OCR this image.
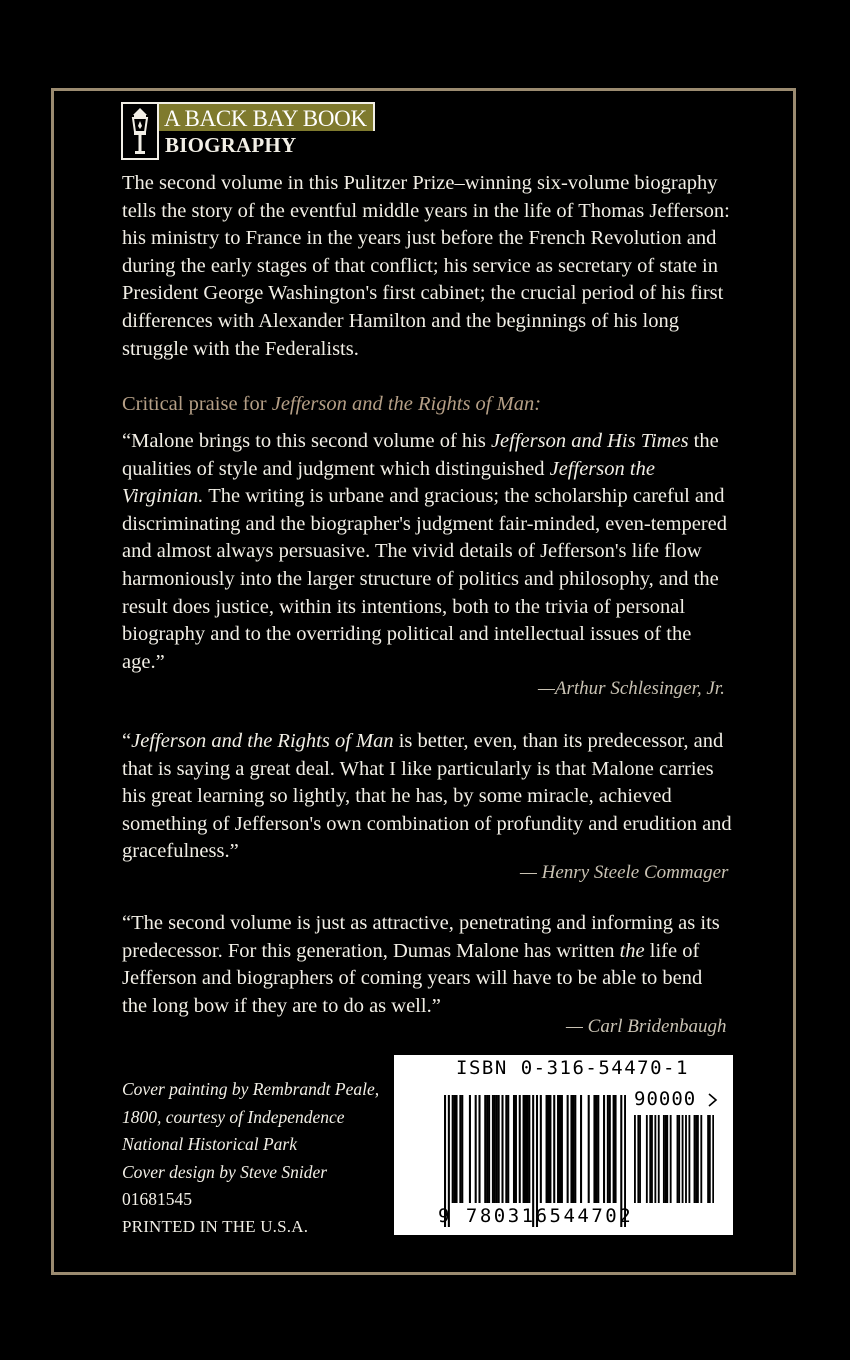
A BACK BAY BOOK
BIOGRAPHY

The second volume in this Pulitzer Prize–winning six-volume biography tells the story of the eventful middle years in the life of Thomas Jefferson: his ministry to France in the years just before the French Revolution and during the early stages of that conflict; his service as secretary of state in President George Washington's first cabinet; the crucial period of his first differences with Alexander Hamilton and the beginnings of his long struggle with the Federalists.

Critical praise for Jefferson and the Rights of Man:

“Malone brings to this second volume of his Jefferson and His Times the qualities of style and judgment which distinguished Jefferson the Virginian. The writing is urbane and gracious; the scholarship careful and discriminating and the biographer's judgment fair-minded, even-tempered and almost always persuasive. The vivid details of Jefferson's life flow harmoniously into the larger structure of politics and philosophy, and the result does justice, within its intentions, both to the trivia of personal biography and to the overriding political and intellectual issues of the age.”

—Arthur Schlesinger, Jr.

“Jefferson and the Rights of Man is better, even, than its predecessor, and that is saying a great deal. What I like particularly is that Malone carries his great learning so lightly, that he has, by some miracle, achieved something of Jefferson's own combination of profundity and erudition and gracefulness.”

— Henry Steele Commager

“The second volume is just as attractive, penetrating and informing as its predecessor. For this generation, Dumas Malone has written the life of Jefferson and biographers of coming years will have to be able to bend the long bow if they are to do as well.”

— Carl Bridenbaugh
Cover painting by Rembrandt Peale, 1800, courtesy of Independence National Historical Park
Cover design by Steve Snider
01681545
PRINTED IN THE U.S.A.
ISBN 0-316-54470-1
90000
9 780316544702
